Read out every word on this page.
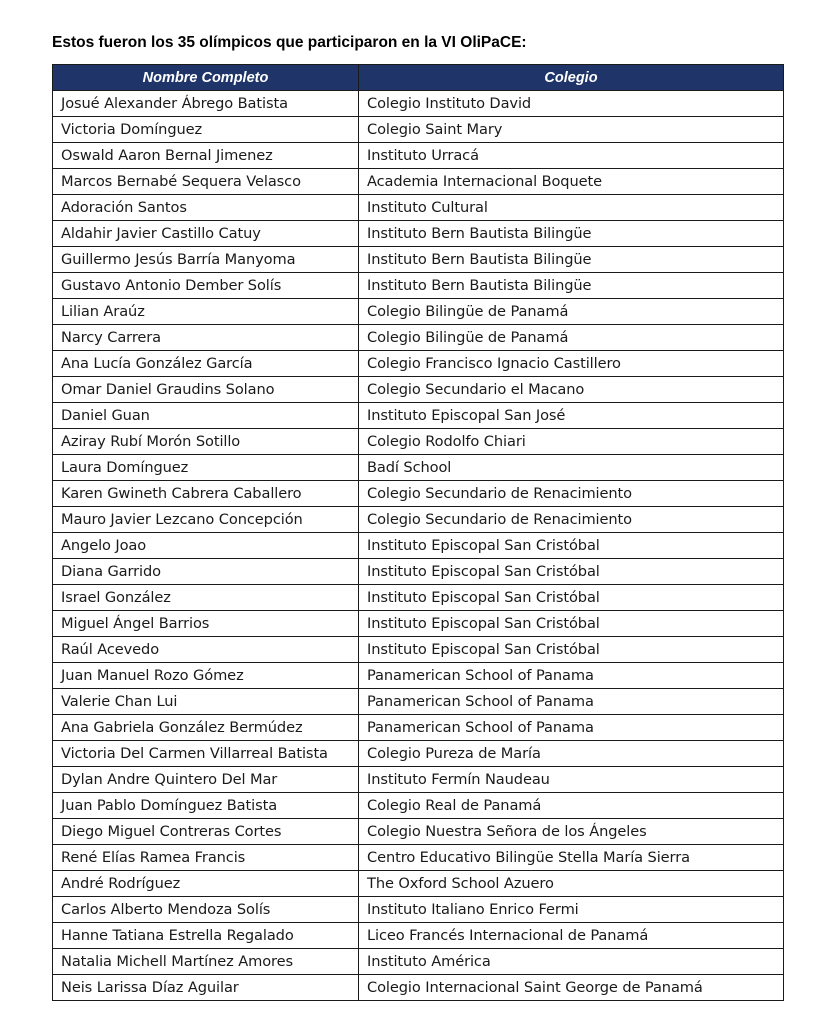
Estos fueron los 35 olímpicos que participaron en la VI OliPaCE:
Nombre Completo	Colegio
Josué Alexander Ábrego Batista	Colegio Instituto David
Victoria Domínguez	Colegio Saint Mary
Oswald Aaron Bernal Jimenez	Instituto Urracá
Marcos Bernabé Sequera Velasco	Academia Internacional Boquete
Adoración Santos	Instituto Cultural
Aldahir Javier Castillo Catuy	Instituto Bern Bautista Bilingüe
Guillermo Jesús Barría Manyoma	Instituto Bern Bautista Bilingüe
Gustavo Antonio Dember Solís	Instituto Bern Bautista Bilingüe
Lilian Araúz	Colegio Bilingüe de Panamá
Narcy Carrera	Colegio Bilingüe de Panamá
Ana Lucía González García	Colegio Francisco Ignacio Castillero
Omar Daniel Graudins Solano	Colegio Secundario el Macano
Daniel Guan	Instituto Episcopal San José
Aziray Rubí Morón Sotillo	Colegio Rodolfo Chiari
Laura Domínguez	Badí School
Karen Gwineth Cabrera Caballero	Colegio Secundario de Renacimiento
Mauro Javier Lezcano Concepción	Colegio Secundario de Renacimiento
Angelo Joao	Instituto Episcopal San Cristóbal
Diana Garrido	Instituto Episcopal San Cristóbal
Israel González	Instituto Episcopal San Cristóbal
Miguel Ángel Barrios	Instituto Episcopal San Cristóbal
Raúl Acevedo	Instituto Episcopal San Cristóbal
Juan Manuel Rozo Gómez	Panamerican School of Panama
Valerie Chan Lui	Panamerican School of Panama
Ana Gabriela González Bermúdez	Panamerican School of Panama
Victoria Del Carmen Villarreal Batista	Colegio Pureza de María
Dylan Andre Quintero Del Mar	Instituto Fermín Naudeau
Juan Pablo Domínguez Batista	Colegio Real de Panamá
Diego Miguel Contreras Cortes	Colegio Nuestra Señora de los Ángeles
René Elías Ramea Francis	Centro Educativo Bilingüe Stella María Sierra
André Rodríguez	The Oxford School Azuero
Carlos Alberto Mendoza Solís	Instituto Italiano Enrico Fermi
Hanne Tatiana Estrella Regalado	Liceo Francés Internacional de Panamá
Natalia Michell Martínez Amores	Instituto América
Neis Larissa Díaz Aguilar	Colegio Internacional Saint George de Panamá
